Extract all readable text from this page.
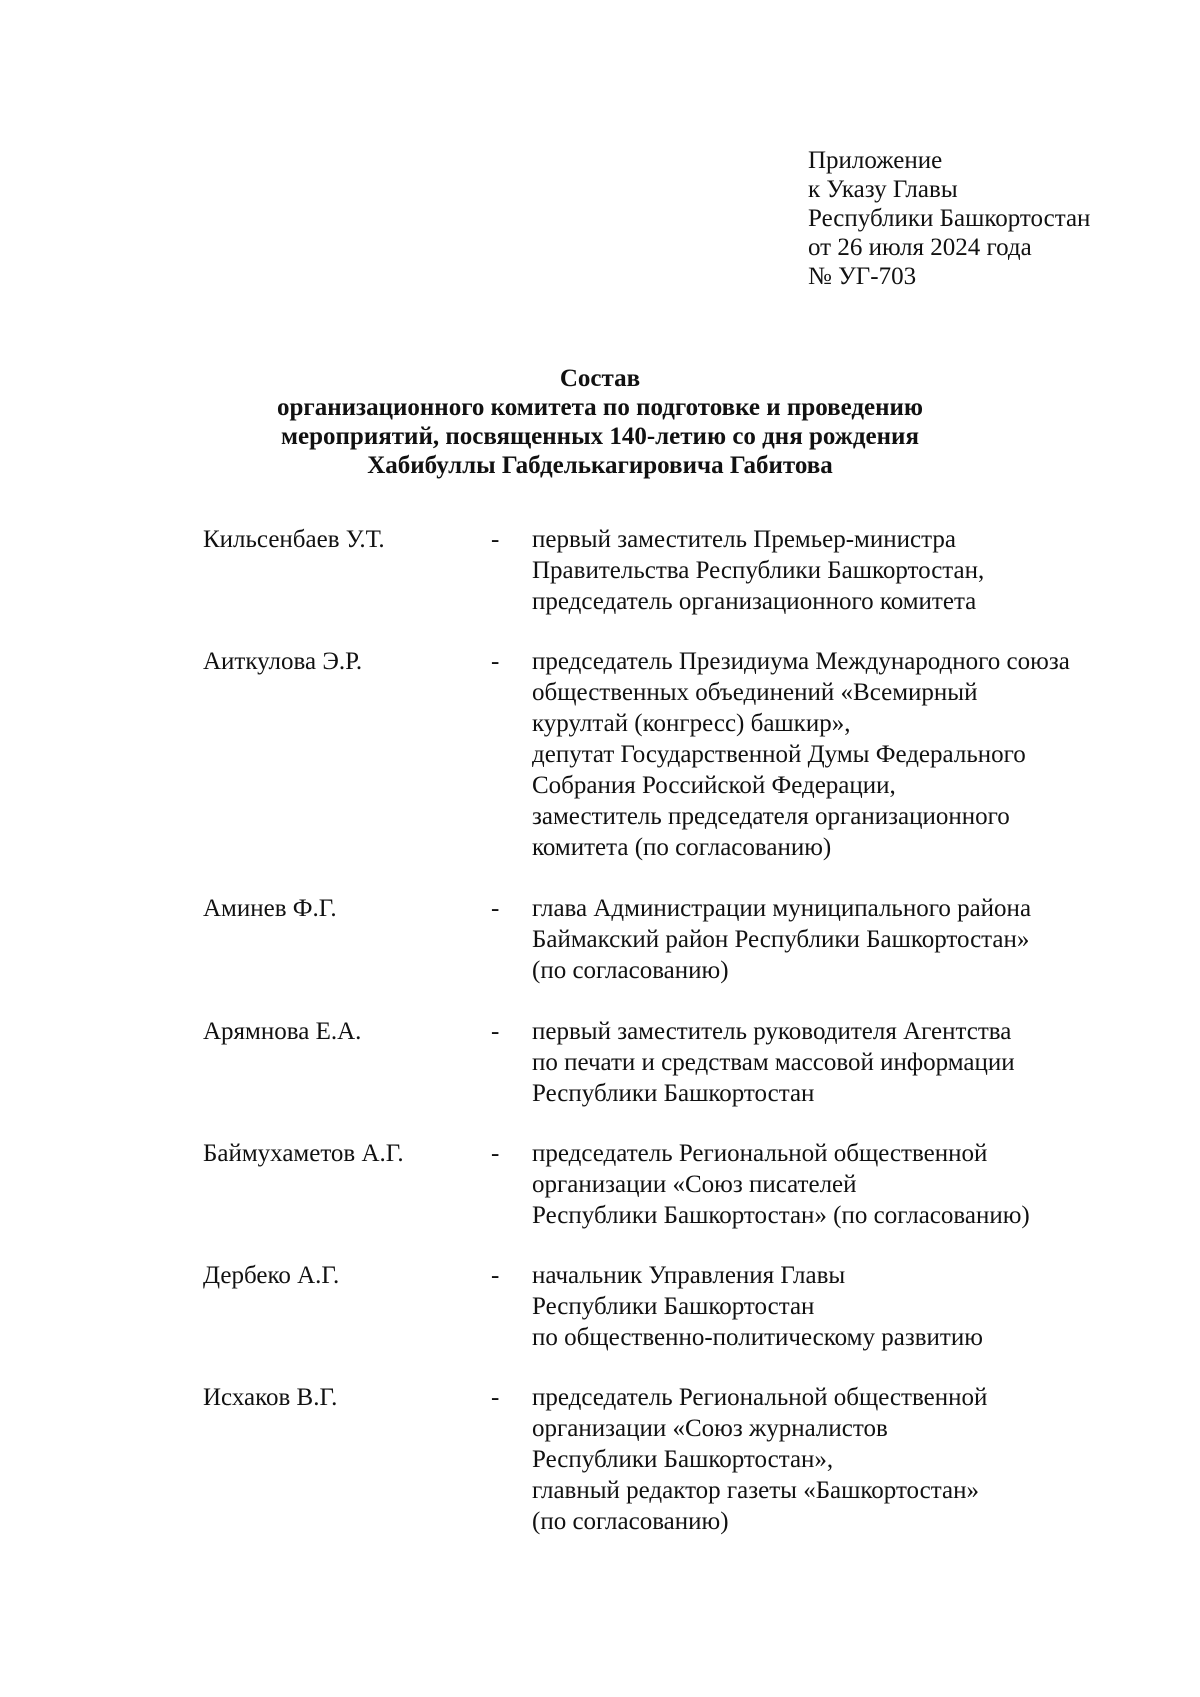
Приложение
к Указу Главы
Республики Башкортостан
от 26 июля 2024 года
№ УГ-703
Состав
организационного комитета по подготовке и проведению
мероприятий, посвященных 140-летию со дня рождения
Хабибуллы Габделькагировича Габитова
Кильсенбаев У.Т.	- первый заместитель Премьер-министра
Правительства Республики Башкортостан,
председатель организационного комитета
Аиткулова Э.Р.	- председатель Президиума Международного союза
общественных объединений «Всемирный
курултай (конгресс) башкир»,
депутат Государственной Думы Федерального
Собрания Российской Федерации,
заместитель председателя организационного
комитета (по согласованию)
Аминев Ф.Г.	- глава Администрации муниципального района
Баймакский район Республики Башкортостан»
(по согласованию)
Арямнова Е.А.	- первый заместитель руководителя Агентства
по печати и средствам массовой информации
Республики Башкортостан
Баймухаметов А.Г.	- председатель Региональной общественной
организации «Союз писателей
Республики Башкортостан» (по согласованию)
Дербеко А.Г.	- начальник Управления Главы
Республики Башкортостан
по общественно-политическому развитию
Исхаков В.Г.	- председатель Региональной общественной
организации «Союз журналистов
Республики Башкортостан»,
главный редактор газеты «Башкортостан»
(по согласованию)
